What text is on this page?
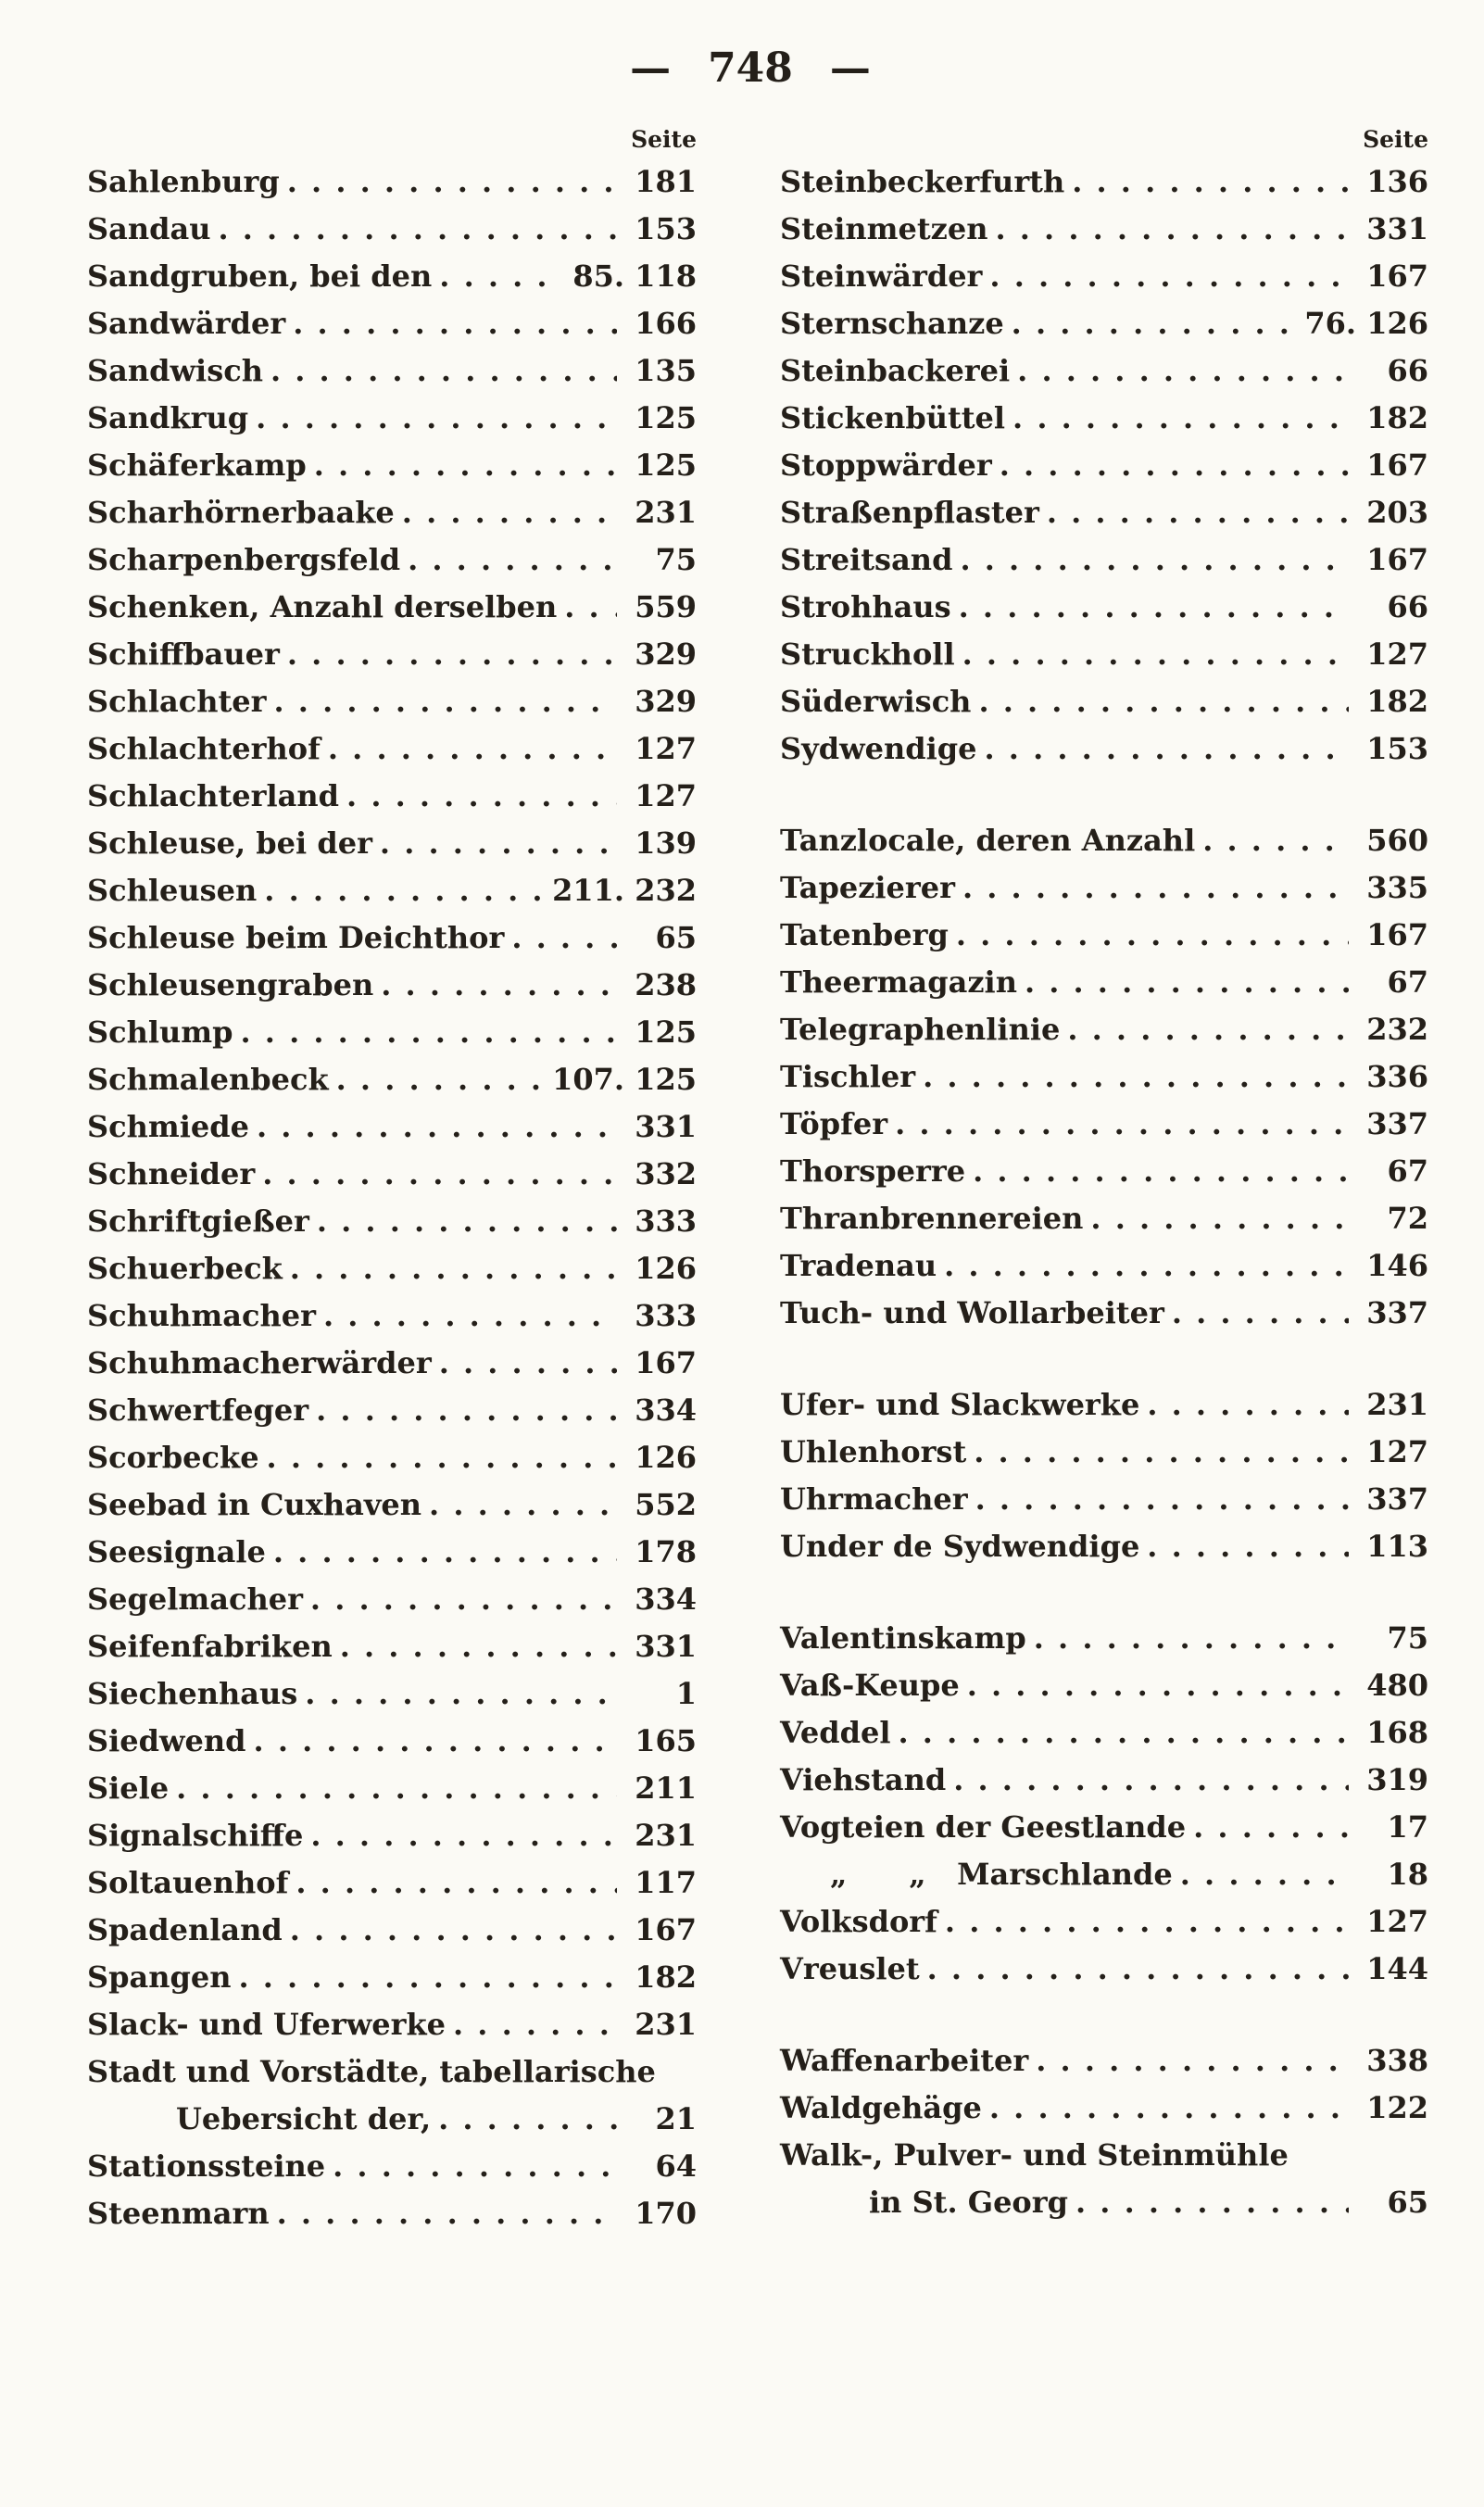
— 748 —
Seite
Sahlenburg . . .	181
Sandau . . .	153
Sandgruben, bei den . . .	85. 118
Sandwärder . . .	166
Sandwisch . . .	135
Sandkrug . . .	125
Schäferkamp . . .	125
Scharhörnerbaake . . .	231
Scharpenbergsfeld . . .	75
Schenken, Anzahl derselben . . .	559
Schiffbauer . . .	329
Schlachter . . .	329
Schlachterhof . . .	127
Schlachterland . . .	127
Schleuse, bei der . . .	139
Schleusen . . .	211. 232
Schleuse beim Deichthor . . .	65
Schleusengraben . . .	238
Schlump . . .	125
Schmalenbeck . . .	107. 125
Schmiede . . .	331
Schneider . . .	332
Schriftgießer . . .	333
Schuerbeck . . .	126
Schuhmacher . . .	333
Schuhmacherwärder . . .	167
Schwertfeger . . .	334
Scorbecke . . .	126
Seebad in Cuxhaven . . .	552
Seesignale . . .	178
Segelmacher . . .	334
Seifenfabriken . . .	331
Siechenhaus . . .	1
Siedwend . . .	165
Siele . . .	211
Signalschiffe . . .	231
Soltauenhof . . .	117
Spadenland . . .	167
Spangen . . .	182
Slack- und Uferwerke . . .	231
Stadt und Vorstädte, tabellarische
Uebersicht der, . . .	21
Stationssteine . . .	64
Steenmarn . . .	170
Seite
Steinbeckerfurth . . .	136
Steinmetzen . . .	331
Steinwärder . . .	167
Sternschanze . . .	76. 126
Steinbackerei . . .	66
Stickenbüttel . . .	182
Stoppwärder . . .	167
Straßenpflaster . . .	203
Streitsand . . .	167
Strohhaus . . .	66
Struckholl . . .	127
Süderwisch . . .	182
Sydwendige . . .	153
Tanzlocale, deren Anzahl . . .	560
Tapezierer . . .	335
Tatenberg . . .	167
Theermagazin . . .	67
Telegraphenlinie . . .	232
Tischler . . .	336
Töpfer . . .	337
Thorsperre . . .	67
Thranbrennereien . . .	72
Tradenau . . .	146
Tuch- und Wollarbeiter . . .	337
Ufer- und Slackwerke . . .	231
Uhlenhorst . . .	127
Uhrmacher . . .	337
Under de Sydwendige . . .	113
Valentinskamp . . .	75
Vaß-Keupe . . .	480
Veddel . . .	168
Viehstand . . .	319
Vogteien der Geestlande . . .	17
„      „   Marschlande . . .	18
Volksdorf . . .	127
Vreuslet . . .	144
Waffenarbeiter . . .	338
Waldgehäge . . .	122
Walk-, Pulver- und Steinmühle
in St. Georg . . .	65
